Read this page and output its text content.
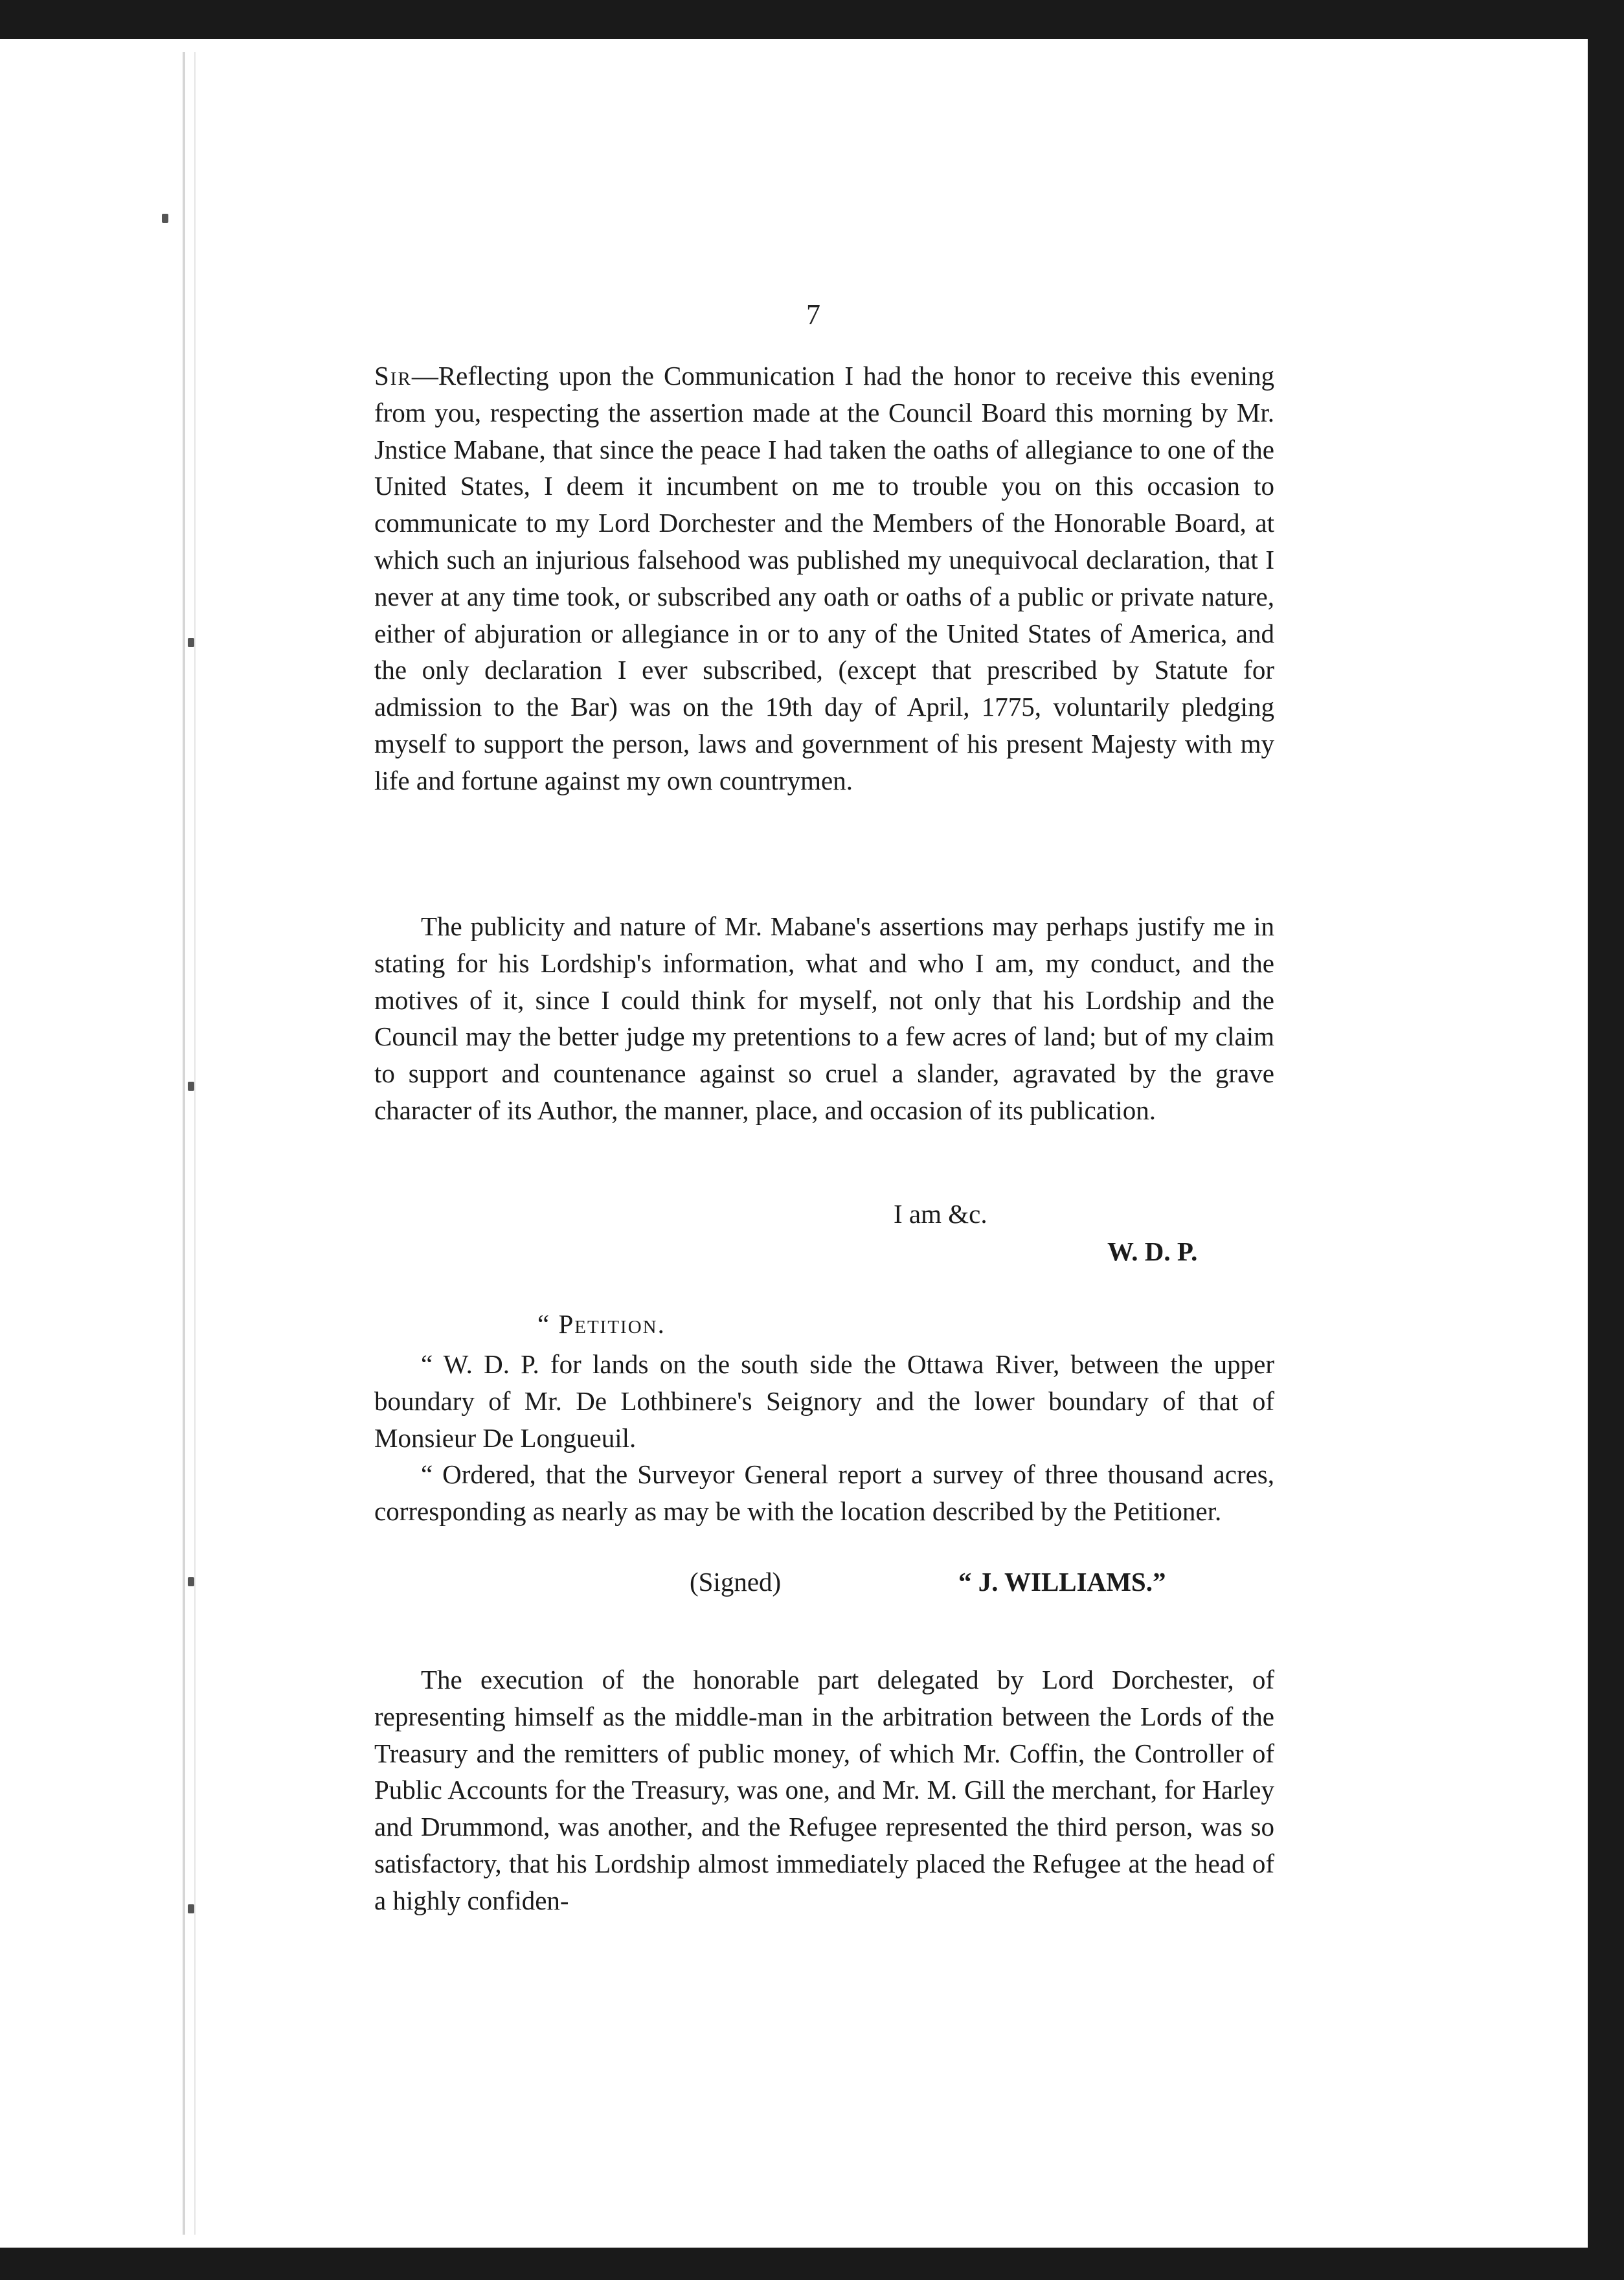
7

Sir—Reflecting upon the Communication I had the honor to receive this evening from you, respecting the assertion made at the Council Board this morning by Mr. Jnstice Mabane, that since the peace I had taken the oaths of allegiance to one of the United States, I deem it incumbent on me to trouble you on this occasion to communicate to my Lord Dorchester and the Members of the Honorable Board, at which such an injurious falsehood was published my unequivocal declaration, that I never at any time took, or subscribed any oath or oaths of a public or private nature, either of abjuration or allegiance in or to any of the United States of America, and the only declaration I ever subscribed, (except that prescribed by Statute for admission to the Bar) was on the 19th day of April, 1775, voluntarily pledging myself to support the person, laws and government of his present Majesty with my life and fortune against my own countrymen.

The publicity and nature of Mr. Mabane's assertions may perhaps justify me in stating for his Lordship's information, what and who I am, my conduct, and the motives of it, since I could think for myself, not only that his Lordship and the Council may the better judge my pretentions to a few acres of land; but of my claim to support and countenance against so cruel a slander, agravated by the grave character of its Author, the manner, place, and occasion of its publication.

I am &c.
W. D. P.
“ Petition.

“ W. D. P. for lands on the south side the Ottawa River, between the upper boundary of Mr. De Lothbinere's Seignory and the lower boundary of that of Monsieur De Longueuil.

“ Ordered, that the Surveyor General report a survey of three thousand acres, corresponding as nearly as may be with the location described by the Petitioner.

(Signed)	“ J. WILLIAMS.”

The execution of the honorable part delegated by Lord Dorchester, of representing himself as the middle-man in the arbitration between the Lords of the Treasury and the remitters of public money, of which Mr. Coffin, the Controller of Public Accounts for the Treasury, was one, and Mr. M. Gill the merchant, for Harley and Drummond, was another, and the Refugee represented the third person, was so satisfactory, that his Lordship almost immediately placed the Refugee at the head of a highly confiden-
